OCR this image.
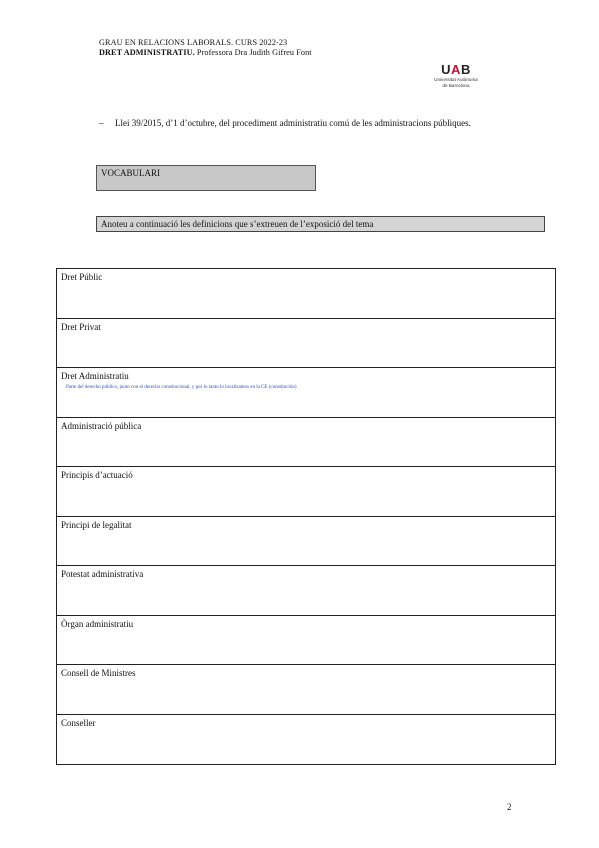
GRAU EN RELACIONS LABORALS. CURS 2022-23
DRET ADMINISTRATIU. Professora Dra Judith Gifreu Font
UAB
Universitat Autònoma
de Barcelona
– Llei 39/2015, d’1 d’octubre, del procediment administratiu comú de les administracions públiques.
VOCABULARI
Anoteu a continuació les definicions que s’extreuen de l’exposició del tema
Dret Públic
Dret Privat
Dret Administratiu
Parte del derecho público, junto con el derecho constitucional, y por lo tanto lo localizamos en la CE (constitución)
Administració pública
Principis d’actuació
Principi de legalitat
Potestat administrativa
Òrgan administratiu
Consell de Ministres
Conseller
2
